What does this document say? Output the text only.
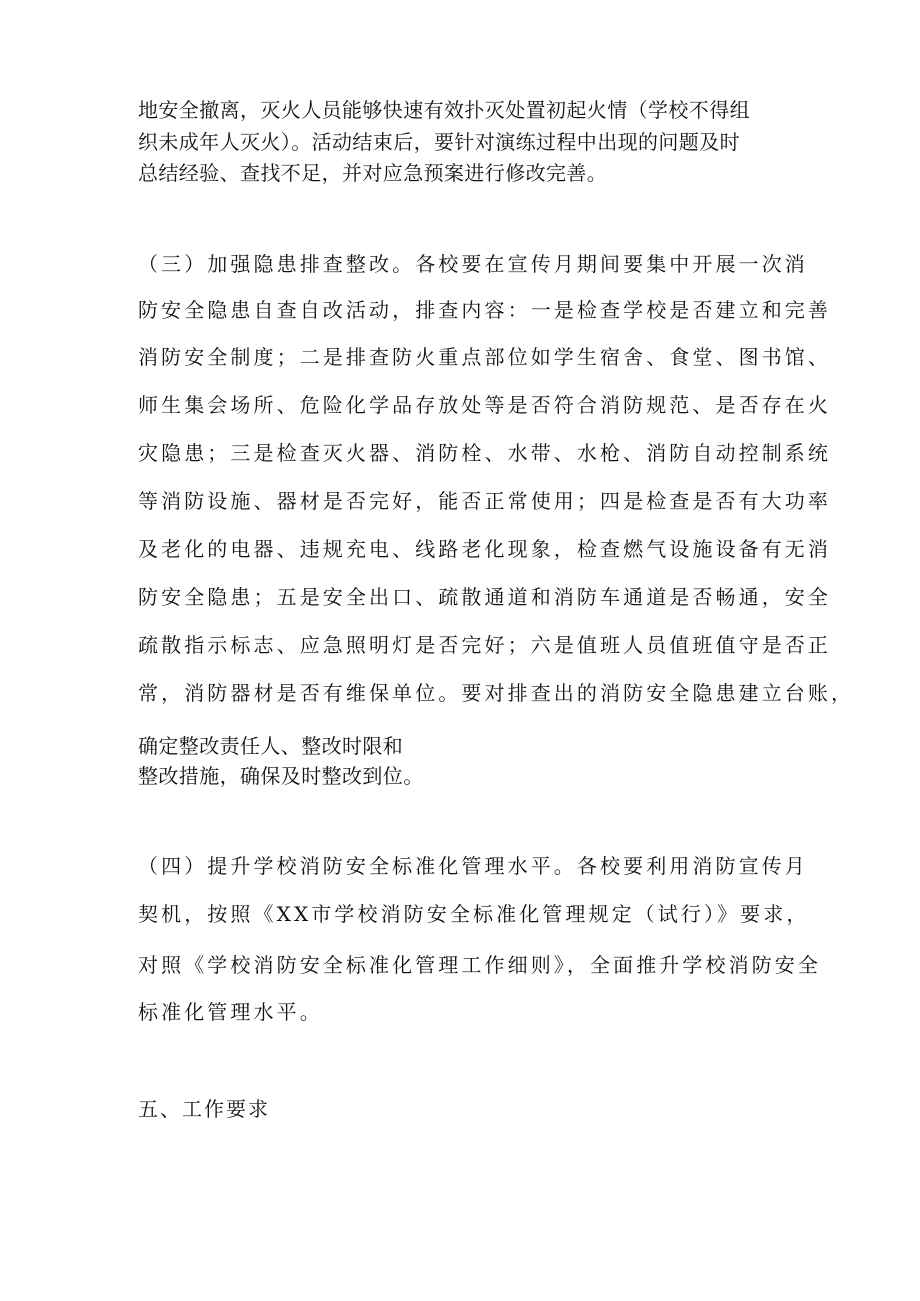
地安全撤离，灭火人员能够快速有效扑灭处置初起火情（学校不得组
织未成年人灭火）。活动结束后，要针对演练过程中出现的问题及时
总结经验、查找不足，并对应急预案进行修改完善。
（三）加强隐患排查整改。各校要在宣传月期间要集中开展一次消
防安全隐患自查自改活动，排查内容：一是检查学校是否建立和完善
消防安全制度；二是排查防火重点部位如学生宿舍、食堂、图书馆、
师生集会场所、危险化学品存放处等是否符合消防规范、是否存在火
灾隐患；三是检查灭火器、消防栓、水带、水枪、消防自动控制系统
等消防设施、器材是否完好，能否正常使用；四是检查是否有大功率
及老化的电器、违规充电、线路老化现象，检查燃气设施设备有无消
防安全隐患；五是安全出口、疏散通道和消防车通道是否畅通，安全
疏散指示标志、应急照明灯是否完好；六是值班人员值班值守是否正
常，消防器材是否有维保单位。要对排查出的消防安全隐患建立台账，
确定整改责任人、整改时限和
整改措施，确保及时整改到位。
（四）提升学校消防安全标准化管理水平。各校要利用消防宣传月
契机，按照《XX市学校消防安全标准化管理规定（试行）》要求，
对照《学校消防安全标准化管理工作细则》，全面推升学校消防安全
标准化管理水平。
五、工作要求
